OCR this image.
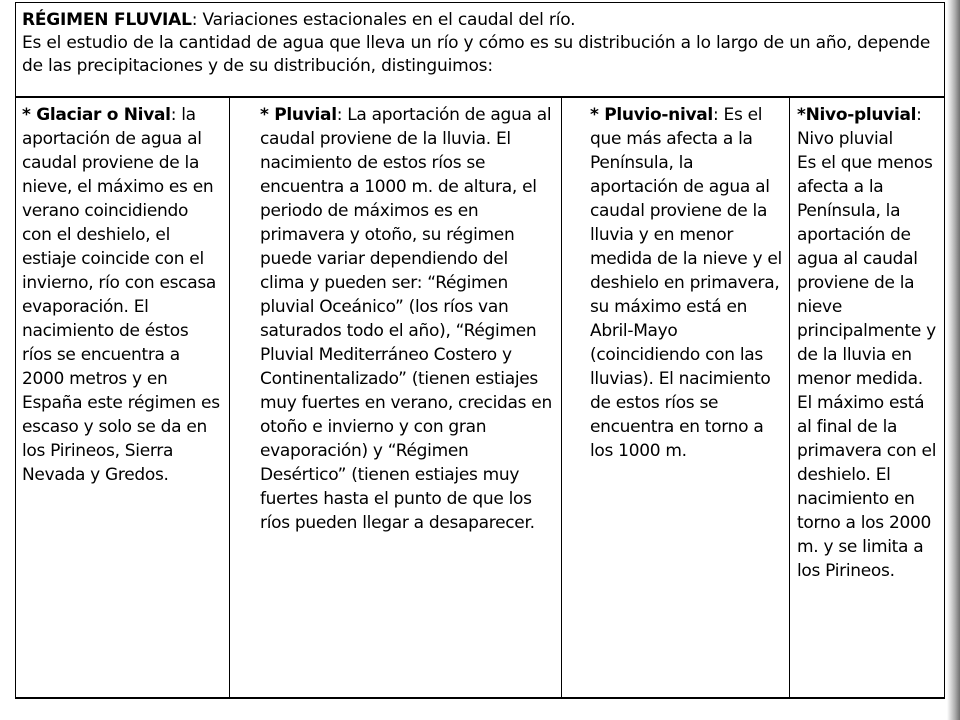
RÉGIMEN FLUVIAL: Variaciones estacionales en el caudal del río.
Es el estudio de la cantidad de agua que lleva un río y cómo es su distribución a lo largo de un año, depende de las precipitaciones y de su distribución, distinguimos:

* Glaciar o Nival: la aportación de agua al caudal proviene de la nieve, el máximo es en verano coincidiendo con el deshielo, el estiaje coincide con el invierno, río con escasa evaporación. El nacimiento de éstos ríos se encuentra a 2000 metros y en España este régimen es escaso y solo se da en los Pirineos, Sierra Nevada y Gredos.

* Pluvial: La aportación de agua al caudal proviene de la lluvia. El nacimiento de estos ríos se encuentra a 1000 m. de altura, el periodo de máximos es en primavera y otoño, su régimen puede variar dependiendo del clima y pueden ser: “Régimen pluvial Oceánico” (los ríos van saturados todo el año), “Régimen Pluvial Mediterráneo Costero y Continentalizado” (tienen estiajes muy fuertes en verano, crecidas en otoño e invierno y con gran evaporación) y “Régimen Desértico” (tienen estiajes muy fuertes hasta el punto de que los ríos pueden llegar a desaparecer.

* Pluvio-nival: Es el que más afecta a la Península, la aportación de agua al caudal proviene de la lluvia y en menor medida de la nieve y el deshielo en primavera, su máximo está en Abril-Mayo (coincidiendo con las lluvias). El nacimiento de estos ríos se encuentra en torno a los 1000 m.

*Nivo-pluvial:

Nivo pluvial

Es el que menos afecta a la Península, la aportación de agua al caudal proviene de la nieve principalmente y de la lluvia en menor medida. El máximo está al final de la primavera con el deshielo. El nacimiento en torno a los 2000 m. y se limita a los Pirineos.
